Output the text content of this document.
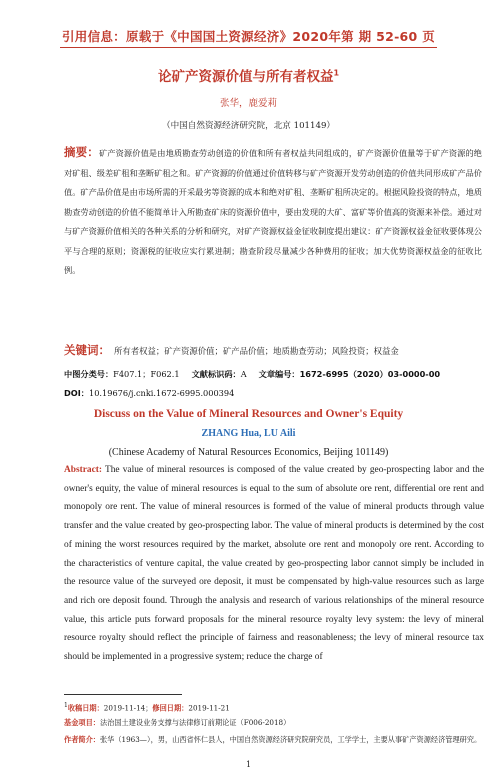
引用信息：原载于《中国国土资源经济》2020年第 期 52-60 页
论矿产资源价值与所有者权益$^1$
张华，鹿爱莉
（中国自然资源经济研究院，北京 101149）
摘要：矿产资源价值是由地质勘查劳动创造的价值和所有者权益共同组成的，矿产资源价值量等于矿产资源的绝对矿租、级差矿租和垄断矿租之和。矿产资源的价值通过价值转移与矿产资源开发劳动创造的价值共同形成矿产品价值。矿产品价值是由市场所需的开采最劣等资源的成本和绝对矿租、垄断矿租所决定的。根据风险投资的特点，地质勘查劳动创造的价值不能简单计入所勘查矿床的资源价值中，要由发现的大矿、富矿等价值高的资源来补偿。通过对与矿产资源价值相关的各种关系的分析和研究，对矿产资源权益金征收制度提出建议：矿产资源权益金征收要体现公平与合理的原则；资源税的征收应实行累进制；勘查阶段尽量减少各种费用的征收；加大优势资源权益金的征收比例。
关键词： 所有者权益；矿产资源价值；矿产品价值；地质勘查劳动；风险投资；权益金
中图分类号：F407.1；F062.1 文献标识码：A 文章编号：1672-6995（2020）03-0000-00
DOI：10.19676/j.cnki.1672-6995.000394
Discuss on the Value of Mineral Resources and Owner's Equity
ZHANG Hua, LU Aili
(Chinese Academy of Natural Resources Economics, Beijing 101149)
Abstract: The value of mineral resources is composed of the value created by geo-prospecting labor and the owner's equity, the value of mineral resources is equal to the sum of absolute ore rent, differential ore rent and monopoly ore rent. The value of mineral resources is formed of the value of mineral products through value transfer and the value created by geo-prospecting labor. The value of mineral products is determined by the cost of mining the worst resources required by the market, absolute ore rent and monopoly ore rent. According to the characteristics of venture capital, the value created by geo-prospecting labor cannot simply be included in the resource value of the surveyed ore deposit, it must be compensated by high-value resources such as large and rich ore deposit found. Through the analysis and research of various relationships of the mineral resource value, this article puts forward proposals for the mineral resource royalty levy system: the levy of mineral resource royalty should reflect the principle of fairness and reasonableness; the levy of mineral resource tax should be implemented in a progressive system; reduce the charge of
$^1$收稿日期：2019-11-14；修回日期：2019-11-21
基金项目：法治国土建设业务支撑与法律修订前期论证（F006-2018）
作者简介：张华（1963—），男，山西省怀仁县人，中国自然资源经济研究院研究员，工学学士，主要从事矿产资源经济管理研究。
1
